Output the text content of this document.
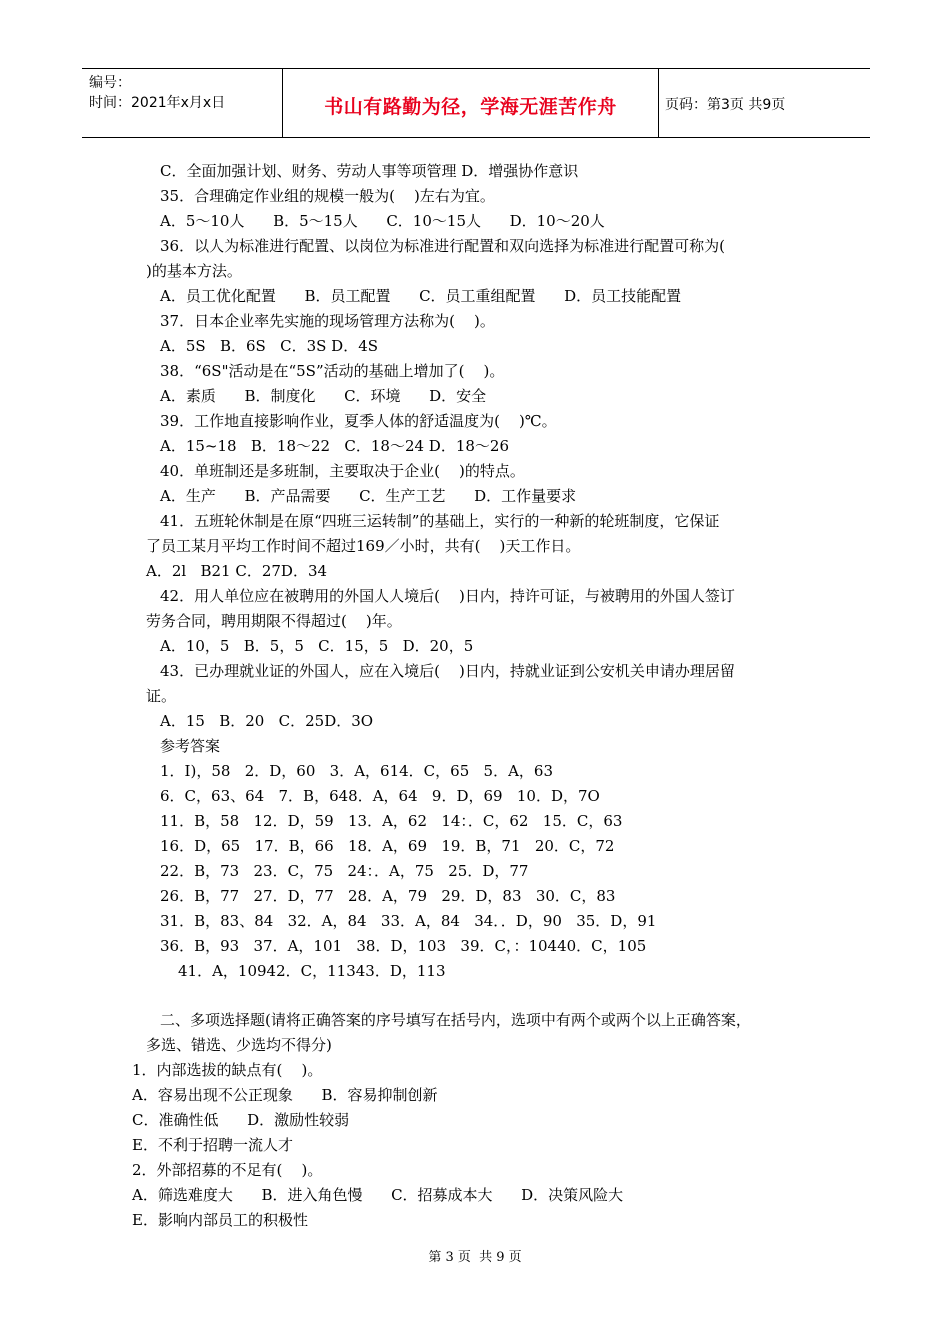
编号：
时间：2021年x月x日	书山有路勤为径，学海无涯苦作舟	页码：第3页 共9页
C．全面加强计划、财务、劳动人事等项管理 D．增强协作意识
35．合理确定作业组的规模一般为(    )左右为宜。
A．5～10人      B．5～15人      C．10～15人      D．10～20人
36．以人为标准进行配置、以岗位为标准进行配置和双向选择为标准进行配置可称为(
)的基本方法。
A．员工优化配置      B．员工配置      C．员工重组配置      D．员工技能配置
37．日本企业率先实施的现场管理方法称为(    )。
A．5S   B．6S   C．3S D．4S
38．“6S"活动是在“5S”活动的基础上增加了(    )。
A．素质      B．制度化      C．环境      D．安全
39．工作地直接影响作业，夏季人体的舒适温度为(    )℃。
A．15~18   B．18～22   C．18～24 D．18～26
40．单班制还是多班制，主要取决于企业(    )的特点。
A．生产      B．产品需要      C．生产工艺      D．工作量要求
41．五班轮休制是在原“四班三运转制”的基础上，实行的一种新的轮班制度，它保证
了员工某月平均工作时间不超过169／小时，共有(    )天工作日。
A．2l   B21 C．27D．34
42．用人单位应在被聘用的外国人人境后(    )日内，持许可证，与被聘用的外国人签订
劳务合同，聘用期限不得超过(    )年。
A．10，5   B．5，5   C．15，5   D．20，5
43．已办理就业证的外国人，应在入境后(    )日内，持就业证到公安机关申请办理居留
证。
A．15   B．20   C．25D．3O
参考答案
1．I)，58   2．D，60   3．A，614．C，65   5．A，63
6．C，63、64   7．B，648．A，64   9．D，69   10．D，7O
11．B，58   12．D，59   13．A，62   14：．C，62   15．C，63
16．D，65   17．B，66   18．A，69   19．B，71   20．C，72
22．B，73   23．C，75   24：．A，75   25．D，77
26．B，77   27．D，77   28．A，79   29．D，83   30．C，83
31．B，83、84   32．A，84   33．A，84   34．．D，90   35．D，91
36．B，93   37．A，101   38．D，103   39．C，：10440．C，105
41．A，10942．C，11343．D，113
二、多项选择题(请将正确答案的序号填写在括号内，选项中有两个或两个以上正确答案，
多选、错选、少选均不得分)
1．内部选拔的缺点有(    )。
A．容易出现不公正现象      B．容易抑制创新
C．准确性低      D．激励性较弱
E．不利于招聘一流人才
2．外部招募的不足有(    )。
A．筛选难度大      B．进入角色慢      C．招募成本大      D．决策风险大
E．影响内部员工的积极性
第 3 页  共 9 页
